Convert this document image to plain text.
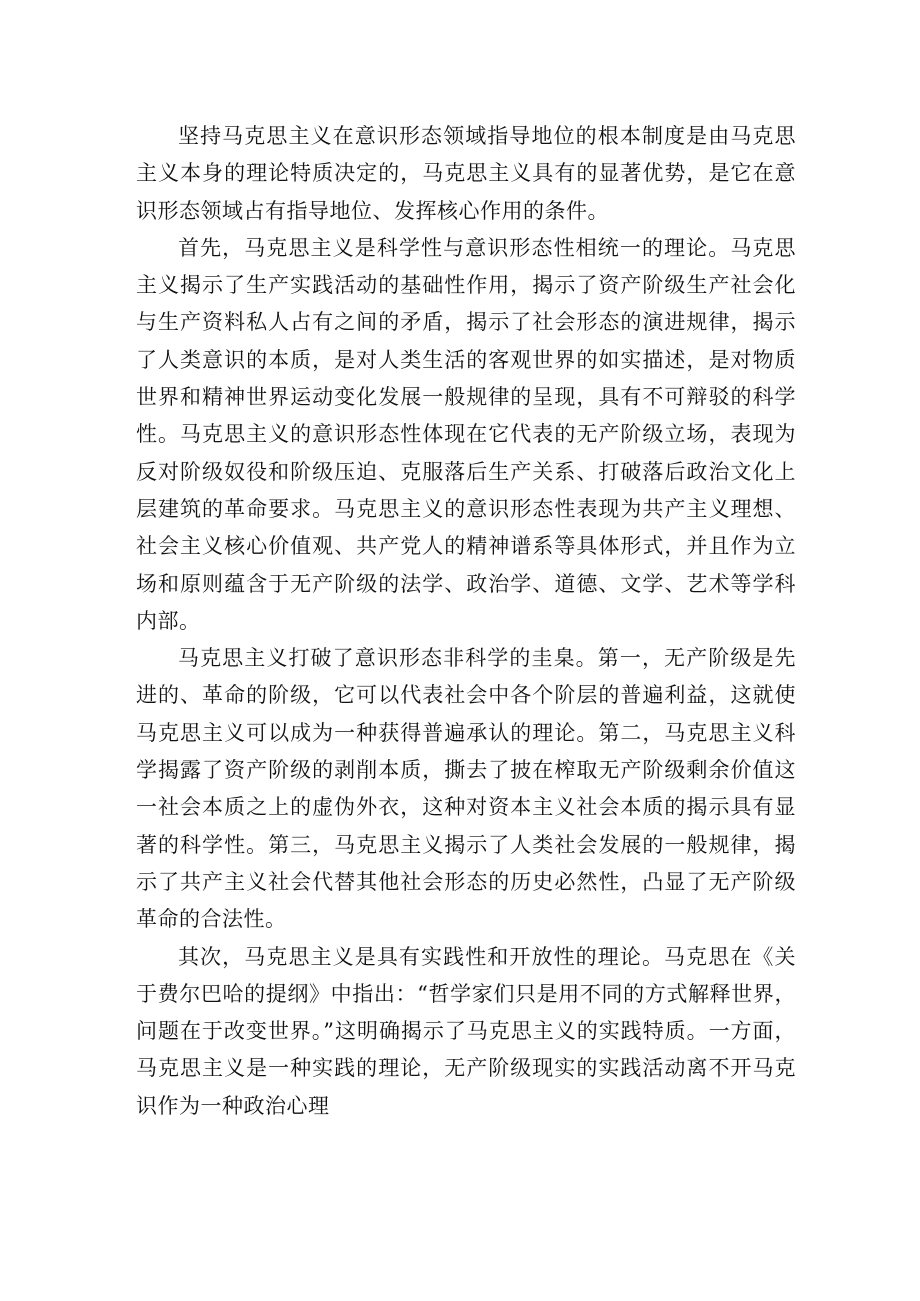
坚持马克思主义在意识形态领域指导地位的根本制度是由马克思主义本身的理论特质决定的，马克思主义具有的显著优势，是它在意识形态领域占有指导地位、发挥核心作用的条件。

首先，马克思主义是科学性与意识形态性相统一的理论。马克思主义揭示了生产实践活动的基础性作用，揭示了资产阶级生产社会化与生产资料私人占有之间的矛盾，揭示了社会形态的演进规律，揭示了人类意识的本质，是对人类生活的客观世界的如实描述，是对物质世界和精神世界运动变化发展一般规律的呈现，具有不可辩驳的科学性。马克思主义的意识形态性体现在它代表的无产阶级立场，表现为反对阶级奴役和阶级压迫、克服落后生产关系、打破落后政治文化上层建筑的革命要求。马克思主义的意识形态性表现为共产主义理想、社会主义核心价值观、共产党人的精神谱系等具体形式，并且作为立场和原则蕴含于无产阶级的法学、政治学、道德、文学、艺术等学科内部。

马克思主义打破了意识形态非科学的圭臬。第一，无产阶级是先进的、革命的阶级，它可以代表社会中各个阶层的普遍利益，这就使马克思主义可以成为一种获得普遍承认的理论。第二，马克思主义科学揭露了资产阶级的剥削本质，撕去了披在榨取无产阶级剩余价值这一社会本质之上的虚伪外衣，这种对资本主义社会本质的揭示具有显著的科学性。第三，马克思主义揭示了人类社会发展的一般规律，揭示了共产主义社会代替其他社会形态的历史必然性，凸显了无产阶级革命的合法性。

其次，马克思主义是具有实践性和开放性的理论。马克思在《关于费尔巴哈的提纲》中指出：“哲学家们只是用不同的方式解释世界，问题在于改变世界。”这明确揭示了马克思主义的实践特质。一方面，马克思主义是一种实践的理论，无产阶级现实的实践活动离不开马克识作为一种政治心理
